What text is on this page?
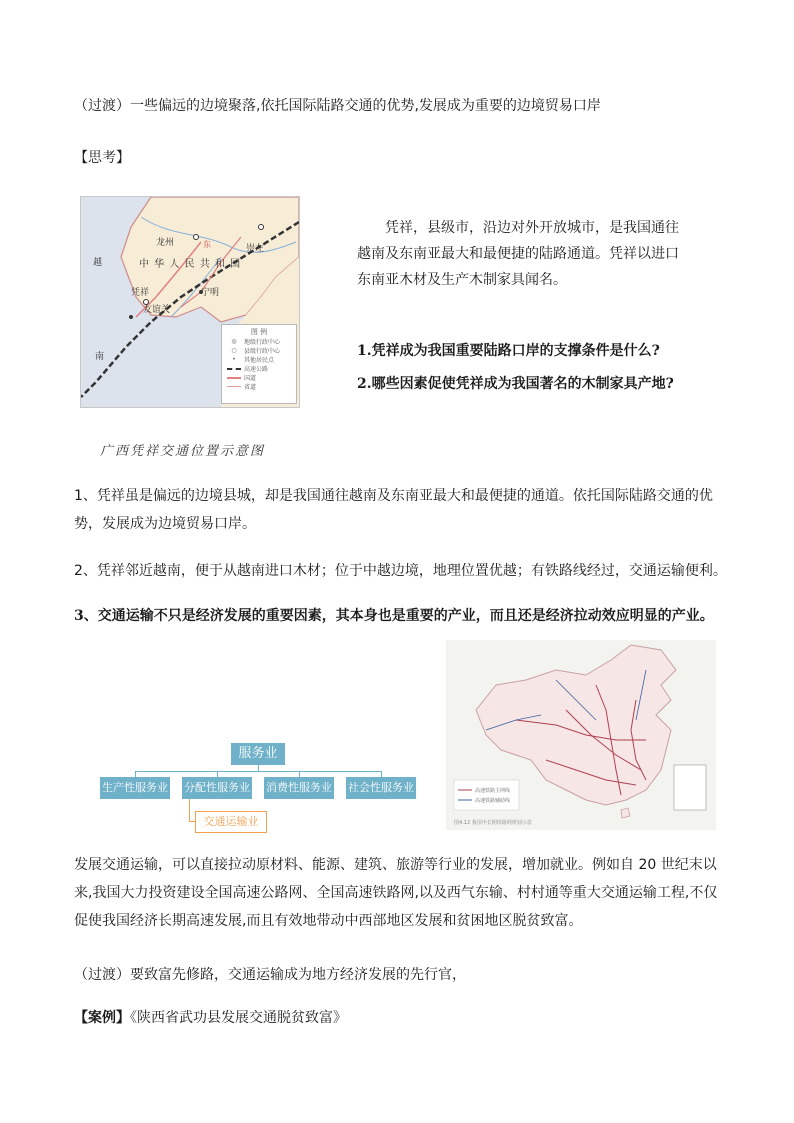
（过渡）一些偏远的边境聚落,依托国际陆路交通的优势,发展成为重要的边境贸易口岸
【思考】
龙州
崇左
中 华 人 民 共 和 国
凭祥
友谊关
宁明
越
南
东
图 例
◎	地级行政中心
○	县级行政中心
•	其他居民点
高速公路
国道
省道
凭祥，县级市，沿边对外开放城市，是我国通往
越南及东南亚最大和最便捷的陆路通道。凭祥以进口
东南亚木材及生产木制家具闻名。
1.凭祥成为我国重要陆路口岸的支撑条件是什么?
2.哪些因素促使凭祥成为我国著名的木制家具产地?
广西凭祥交通位置示意图
1、凭祥虽是偏远的边境县城，却是我国通往越南及东南亚最大和最便捷的通道。依托国际陆路交通的优势，发展成为边境贸易口岸。
2、凭祥邻近越南，便于从越南进口木材；位于中越边境，地理位置优越；有铁路线经过，交通运输便利。
3、交通运输不只是经济发展的重要因素，其本身也是重要的产业，而且还是经济拉动效应明显的产业。
服务业
生产性服务业 分配性服务业 消费性服务业 社会性服务业
交通运输业
高速铁路主网线
高速铁路辅助线
图4.12 我国中长期铁路网规划示意
发展交通运输，可以直接拉动原材料、能源、建筑、旅游等行业的发展，增加就业。例如自 20 世纪末以来,我国大力投资建设全国高速公路网、全国高速铁路网,以及西气东输、村村通等重大交通运输工程,不仅促使我国经济长期高速发展,而且有效地带动中西部地区发展和贫困地区脱贫致富。
（过渡）要致富先修路，交通运输成为地方经济发展的先行官，
【案例】《陕西省武功县发展交通脱贫致富》
